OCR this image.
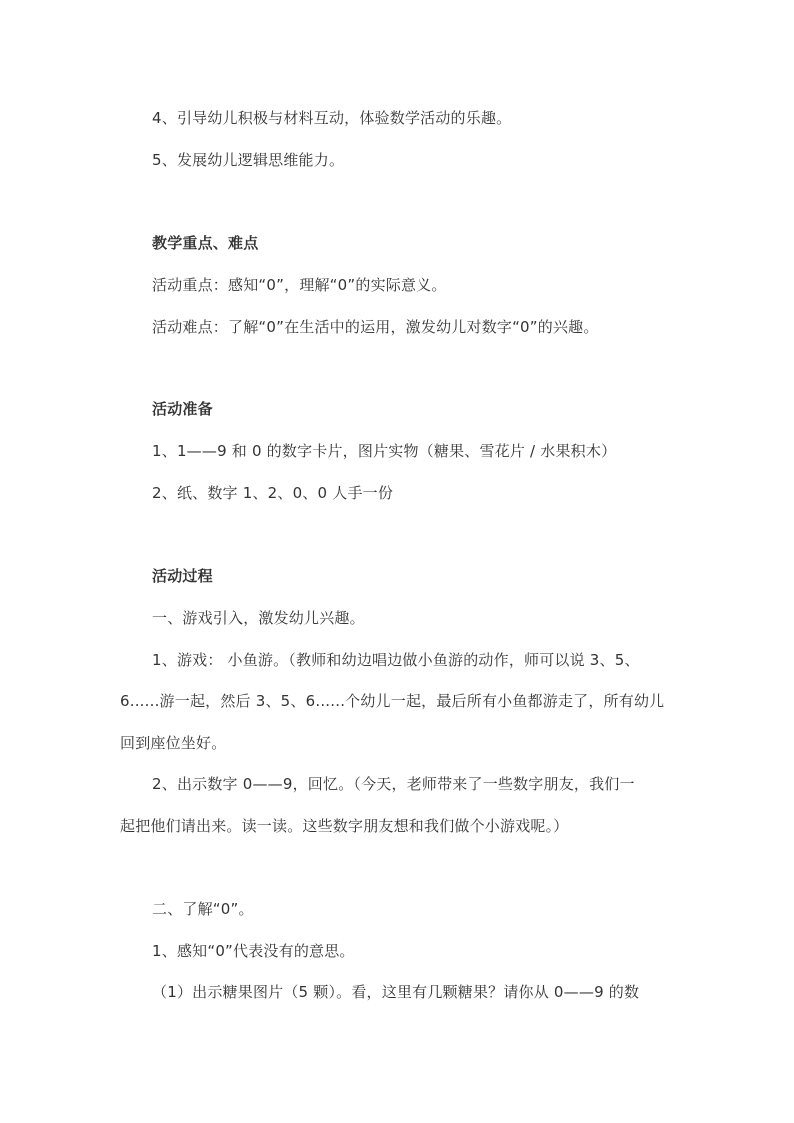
4、引导幼儿积极与材料互动，体验数学活动的乐趣。
5、发展幼儿逻辑思维能力。
教学重点、难点
活动重点：感知“0”，理解“0”的实际意义。
活动难点：了解“0”在生活中的运用，激发幼儿对数字“0”的兴趣。
活动准备
1、1——9 和 0 的数字卡片，图片实物（糖果、雪花片 / 水果积木）
2、纸、数字 1、2、0、0 人手一份
活动过程
一、游戏引入，激发幼儿兴趣。
1、游戏： 小鱼游。（教师和幼边唱边做小鱼游的动作，师可以说 3、5、
6......游一起，然后 3、5、6......个幼儿一起，最后所有小鱼都游走了，所有幼儿
回到座位坐好。
2、出示数字 0——9，回忆。（今天，老师带来了一些数字朋友，我们一
起把他们请出来。读一读。这些数字朋友想和我们做个小游戏呢。）
二、了解“0”。
1、感知“0”代表没有的意思。
（1）出示糖果图片（5 颗）。看，这里有几颗糖果？请你从 0——9 的数
